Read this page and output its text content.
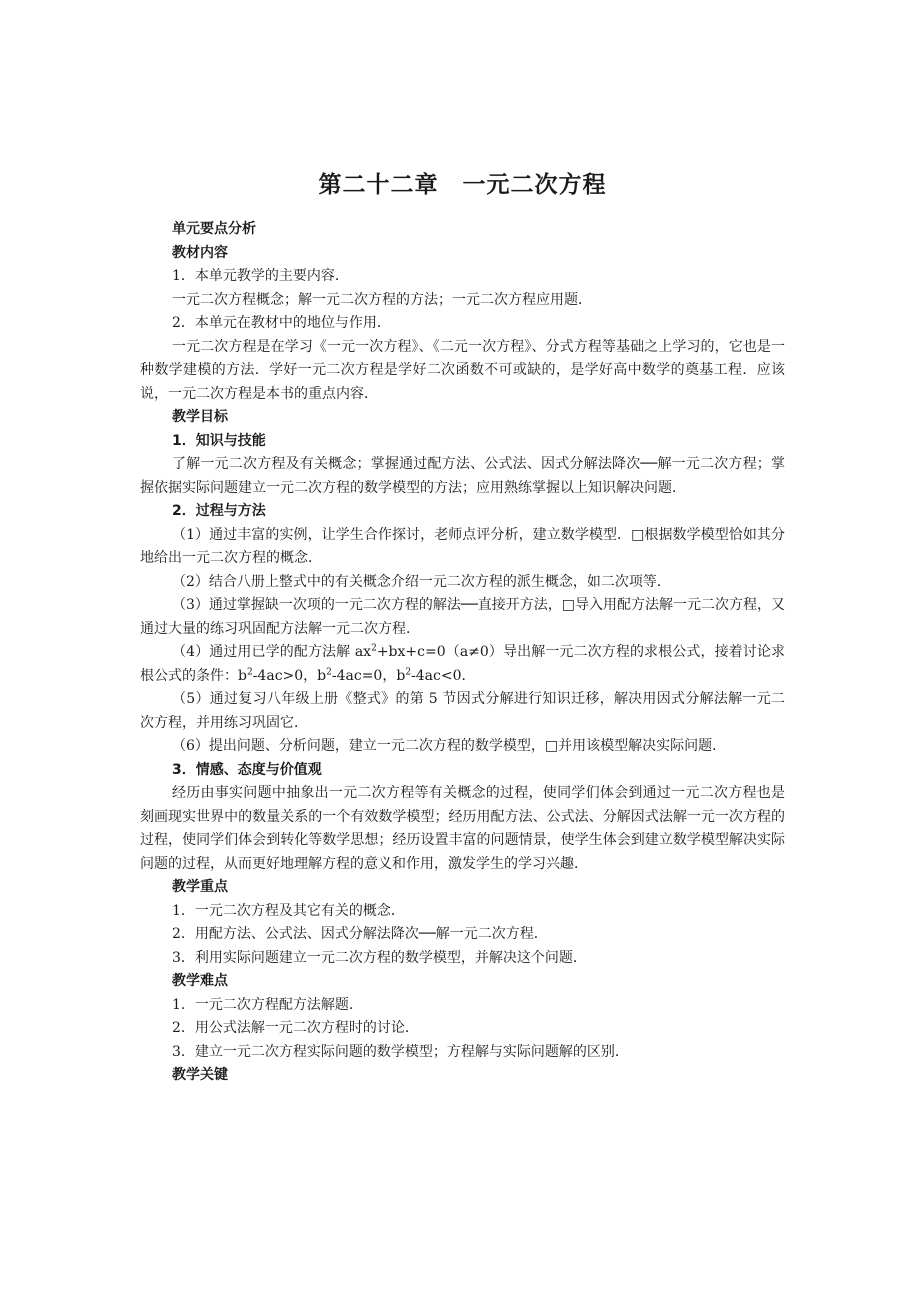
第二十二章　一元二次方程
单元要点分析
教材内容
1．本单元教学的主要内容．
一元二次方程概念；解一元二次方程的方法；一元二次方程应用题．
2．本单元在教材中的地位与作用．

一元二次方程是在学习《一元一次方程》、《二元一次方程》、分式方程等基础之上学习的，它也是一种数学建模的方法．学好一元二次方程是学好二次函数不可或缺的，是学好高中数学的奠基工程．应该说，一元二次方程是本书的重点内容．

教学目标
1．知识与技能

了解一元二次方程及有关概念；掌握通过配方法、公式法、因式分解法降次──解一元二次方程；掌握依据实际问题建立一元二次方程的数学模型的方法；应用熟练掌握以上知识解决问题．

2．过程与方法

（1）通过丰富的实例，让学生合作探讨，老师点评分析，建立数学模型．□根据数学模型恰如其分地给出一元二次方程的概念．

（2）结合八册上整式中的有关概念介绍一元二次方程的派生概念，如二次项等．

（3）通过掌握缺一次项的一元二次方程的解法──直接开方法，□导入用配方法解一元二次方程，又通过大量的练习巩固配方法解一元二次方程．

（4）通过用已学的配方法解 $ax^2+bx+c=0(a\ne 0)$导出解一元二次方程的求根公式，接着讨论求根公式的条件：$b^2-4ac>0$，$b^2-4ac=0$，$b^2-4ac<0$．

（5）通过复习八年级上册《整式》的第 5 节因式分解进行知识迁移，解决用因式分解法解一元二次方程，并用练习巩固它．

（6）提出问题、分析问题，建立一元二次方程的数学模型，□并用该模型解决实际问题．

3．情感、态度与价值观

经历由事实问题中抽象出一元二次方程等有关概念的过程，使同学们体会到通过一元二次方程也是刻画现实世界中的数量关系的一个有效数学模型；经历用配方法、公式法、分解因式法解一元一次方程的过程，使同学们体会到转化等数学思想；经历设置丰富的问题情景，使学生体会到建立数学模型解决实际问题的过程，从而更好地理解方程的意义和作用，激发学生的学习兴趣．

教学重点
1．一元二次方程及其它有关的概念．
2．用配方法、公式法、因式分解法降次──解一元二次方程．
3．利用实际问题建立一元二次方程的数学模型，并解决这个问题．
教学难点
1．一元二次方程配方法解题．
2．用公式法解一元二次方程时的讨论．
3．建立一元二次方程实际问题的数学模型；方程解与实际问题解的区别．
教学关键
